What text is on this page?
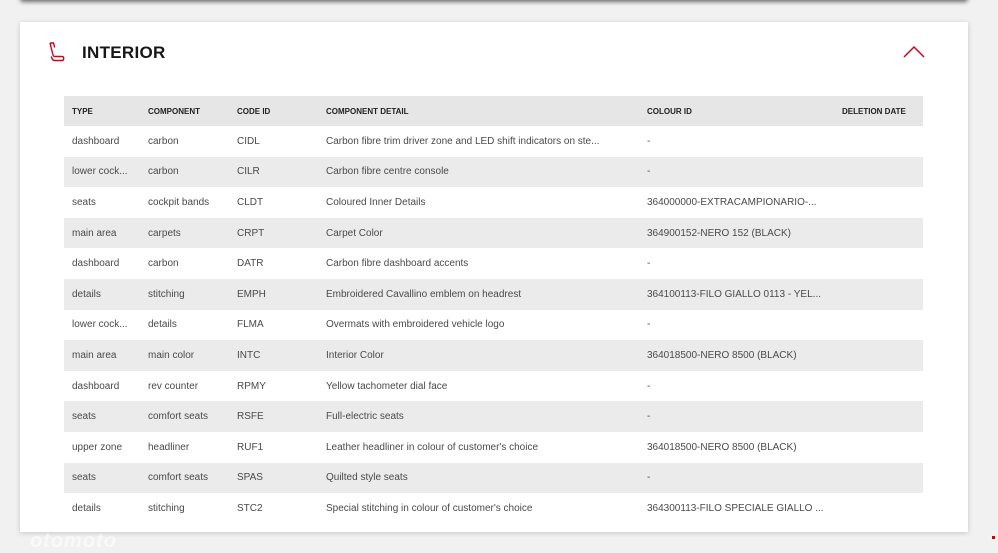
INTERIOR
TYPE	COMPONENT	CODE ID	COMPONENT DETAIL	COLOUR ID	DELETION DATE
dashboard	carbon	CIDL	Carbon fibre trim driver zone and LED shift indicators on ste...	-	
lower cock...	carbon	CILR	Carbon fibre centre console	-	
seats	cockpit bands	CLDT	Coloured Inner Details	364000000-EXTRACAMPIONARIO-...	
main area	carpets	CRPT	Carpet Color	364900152-NERO 152 (BLACK)	
dashboard	carbon	DATR	Carbon fibre dashboard accents	-	
details	stitching	EMPH	Embroidered Cavallino emblem on headrest	364100113-FILO GIALLO 0113 - YEL...	
lower cock...	details	FLMA	Overmats with embroidered vehicle logo	-	
main area	main color	INTC	Interior Color	364018500-NERO 8500 (BLACK)	
dashboard	rev counter	RPMY	Yellow tachometer dial face	-	
seats	comfort seats	RSFE	Full-electric seats	-	
upper zone	headliner	RUF1	Leather headliner in colour of customer's choice	364018500-NERO 8500 (BLACK)	
seats	comfort seats	SPAS	Quilted style seats	-	
details	stitching	STC2	Special stitching in colour of customer's choice	364300113-FILO SPECIALE GIALLO ...	
otomoto
